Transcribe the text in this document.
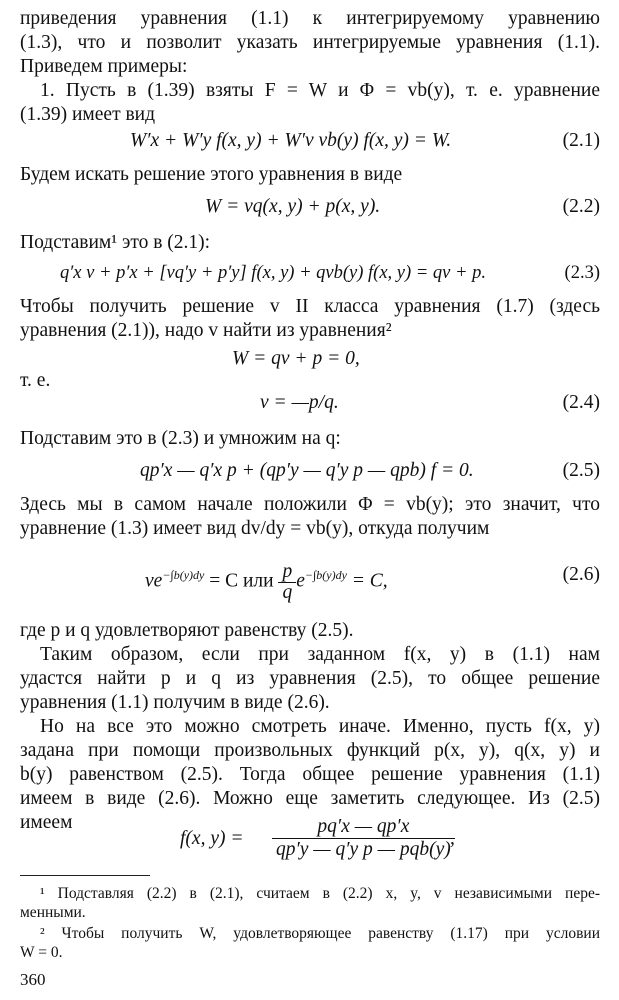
приведения уравнения (1.1) к интегрируемому уравнению
(1.3), что и позволит указать интегрируемые уравнения (1.1).
Приведем примеры:
1. Пусть в (1.39) взяты F = W и Φ = vb(y), т. е. уравнение
(1.39) имеет вид
W′x + W′y f(x, y) + W′v vb(y) f(x, y) = W.	(2.1)
Будем искать решение этого уравнения в виде
W = vq(x, y) + p(x, y).	(2.2)
Подставим¹ это в (2.1):
q′x v + p′x + [vq′y + p′y] f(x, y) + qvb(y) f(x, y) = qv + p.	(2.3)
Чтобы получить решение v II класса уравнения (1.7) (здесь
уравнения (2.1)), надо v найти из уравнения²
W = qv + p = 0,
т. е.
v = —p/q.	(2.4)
Подставим это в (2.3) и умножим на q:
qp′x — q′x p + (qp′y — q′y p — qpb) f = 0.	(2.5)
Здесь мы в самом начале положили Φ = vb(y); это значит, что
уравнение (1.3) имеет вид dv/dy = vb(y), откуда получим
$ve^{-\int b(y)dy} = C$ или $\frac{p}{q} e^{-\int b(y)dy} = C$,	(2.6)
где p и q удовлетворяют равенству (2.5).
Таким образом, если при заданном f(x, y) в (1.1) нам
удастся найти p и q из уравнения (2.5), то общее решение
уравнения (1.1) получим в виде (2.6).
Но на все это можно смотреть иначе. Именно, пусть f(x, y)
задана при помощи произвольных функций p(x, y), q(x, y) и
b(y) равенством (2.5). Тогда общее решение уравнения (1.1)
имеем в виде (2.6). Можно еще заметить следующее. Из (2.5)
имеем
f(x, y) =
pq′x — qp′x
qp′y — q′y p — pqb(y)
,
¹ Подставляя (2.2) в (2.1), считаем в (2.2) x, y, v независимыми пере-
менными.
² Чтобы получить W, удовлетворяющее равенству (1.17) при условии
W = 0.
360
